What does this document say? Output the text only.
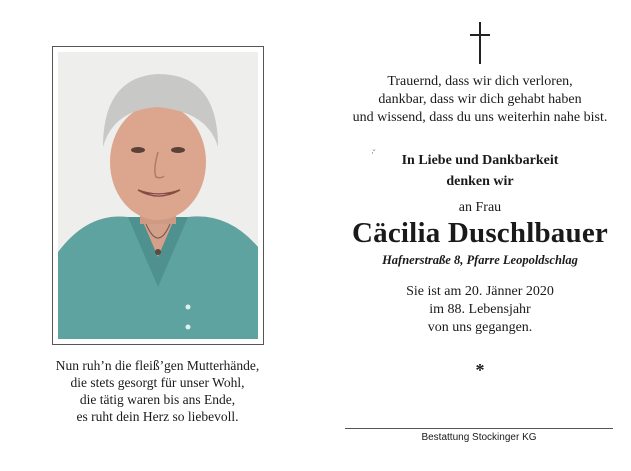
Nun ruh’n die fleiß’gen Mutterhände,
die stets gesorgt für unser Wohl,
die tätig waren bis ans Ende,
es ruht dein Herz so liebevoll.
Trauernd, dass wir dich verloren,
dankbar, dass wir dich gehabt haben
und wissend, dass du uns weiterhin nahe bist.
·̆	In Liebe und Dankbarkeit
denken wir
an Frau
Cäcilia Duschlbauer
Hafnerstraße 8, Pfarre Leopoldschlag
Sie ist am 20. Jänner 2020
im 88. Lebensjahr
von uns gegangen.
*
Bestattung Stockinger KG
